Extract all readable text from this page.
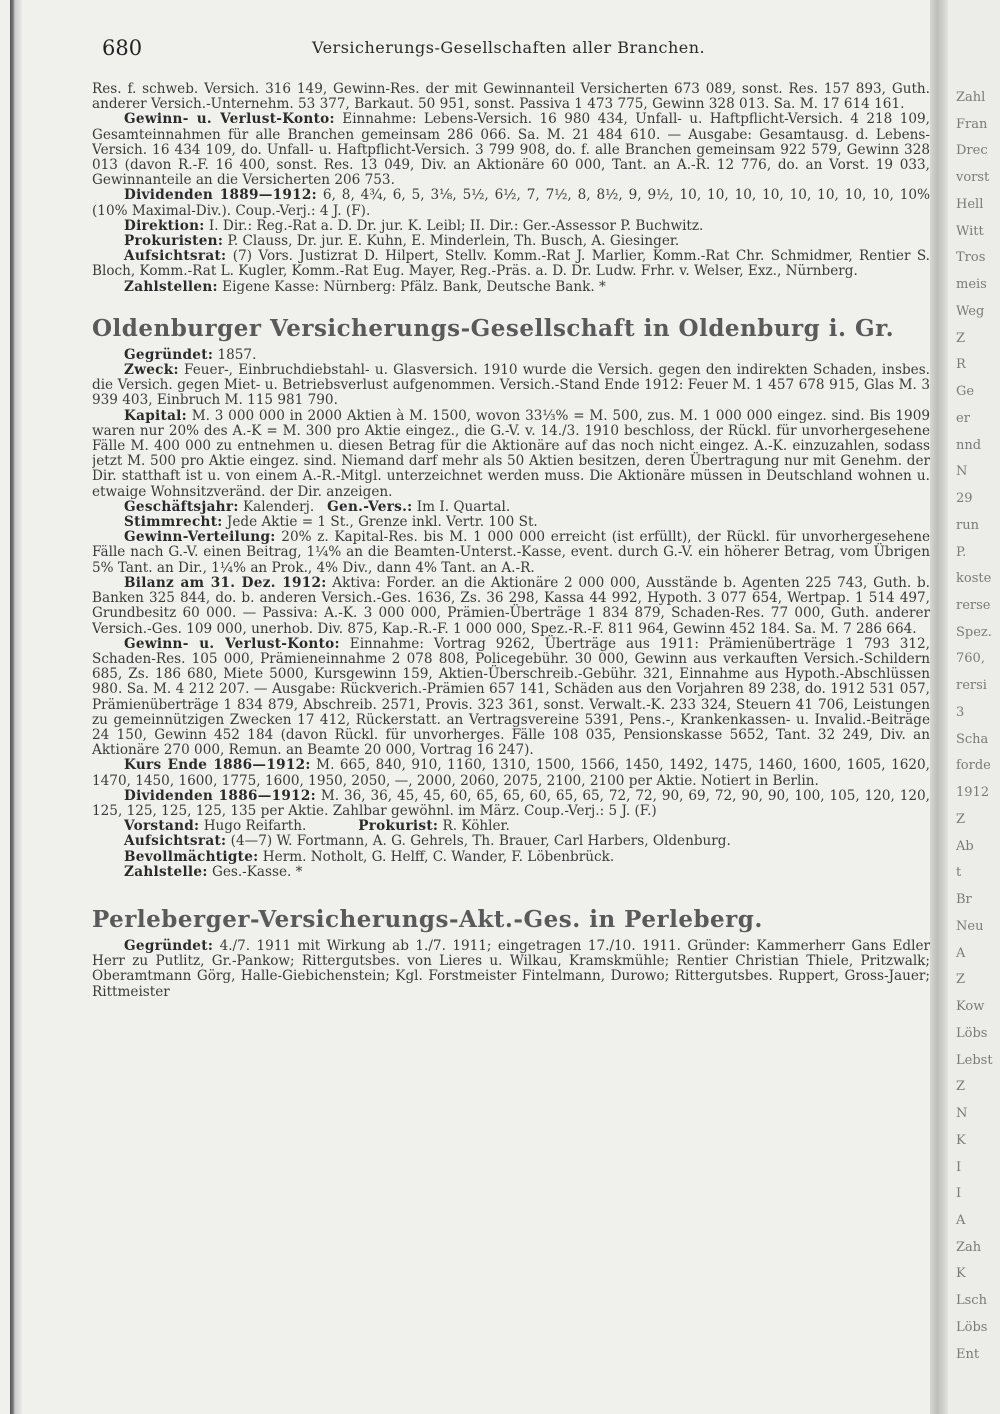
680	Versicherungs-Gesellschaften aller Branchen.

Res. f. schweb. Versich. 316 149, Gewinn-Res. der mit Gewinnanteil Versicherten 673 089, sonst. Res. 157 893, Guth. anderer Versich.-Unternehm. 53 377, Barkaut. 50 951, sonst. Passiva 1 473 775, Gewinn 328 013. Sa. M. 17 614 161.

Gewinn- u. Verlust-Konto: Einnahme: Lebens-Versich. 16 980 434, Unfall- u. Haftpflicht-Versich. 4 218 109, Gesamteinnahmen für alle Branchen gemeinsam 286 066. Sa. M. 21 484 610. — Ausgabe: Gesamtausg. d. Lebens-Versich. 16 434 109, do. Unfall- u. Haftpflicht-Versich. 3 799 908, do. f. alle Branchen gemeinsam 922 579, Gewinn 328 013 (davon R.-F. 16 400, sonst. Res. 13 049, Div. an Aktionäre 60 000, Tant. an A.-R. 12 776, do. an Vorst. 19 033, Gewinnanteile an die Versicherten 206 753.

Dividenden 1889—1912: 6, 8, 4¾, 6, 5, 3⅛, 5½, 6½, 7, 7½, 8, 8½, 9, 9½, 10, 10, 10, 10, 10, 10, 10, 10, 10% (10% Maximal-Div.). Coup.-Verj.: 4 J. (F).

Direktion: I. Dir.: Reg.-Rat a. D. Dr. jur. K. Leibl; II. Dir.: Ger.-Assessor P. Buchwitz.

Prokuristen: P. Clauss, Dr. jur. E. Kuhn, E. Minderlein, Th. Busch, A. Giesinger.

Aufsichtsrat: (7) Vors. Justizrat D. Hilpert, Stellv. Komm.-Rat J. Marlier, Komm.-Rat Chr. Schmidmer, Rentier S. Bloch, Komm.-Rat L. Kugler, Komm.-Rat Eug. Mayer, Reg.-Präs. a. D. Dr. Ludw. Frhr. v. Welser, Exz., Nürnberg.

Zahlstellen: Eigene Kasse: Nürnberg: Pfälz. Bank, Deutsche Bank. *

Oldenburger Versicherungs-Gesellschaft in Oldenburg i. Gr.

Gegründet: 1857.

Zweck: Feuer-, Einbruchdiebstahl- u. Glasversich. 1910 wurde die Versich. gegen den indirekten Schaden, insbes. die Versich. gegen Miet- u. Betriebsverlust aufgenommen. Versich.-Stand Ende 1912: Feuer M. 1 457 678 915, Glas M. 3 939 403, Einbruch M. 115 981 790.

Kapital: M. 3 000 000 in 2000 Aktien à M. 1500, wovon 33⅓% = M. 500, zus. M. 1 000 000 eingez. sind. Bis 1909 waren nur 20% des A.-K = M. 300 pro Aktie eingez., die G.-V. v. 14./3. 1910 beschloss, der Rückl. für unvorhergesehene Fälle M. 400 000 zu entnehmen u. diesen Betrag für die Aktionäre auf das noch nicht eingez. A.-K. einzuzahlen, sodass jetzt M. 500 pro Aktie eingez. sind. Niemand darf mehr als 50 Aktien besitzen, deren Übertragung nur mit Genehm. der Dir. statthaft ist u. von einem A.-R.-Mitgl. unterzeichnet werden muss. Die Aktionäre müssen in Deutschland wohnen u. etwaige Wohnsitzveränd. der Dir. anzeigen.

Geschäftsjahr: Kalenderj. Gen.-Vers.: Im I. Quartal.

Stimmrecht: Jede Aktie = 1 St., Grenze inkl. Vertr. 100 St.

Gewinn-Verteilung: 20% z. Kapital-Res. bis M. 1 000 000 erreicht (ist erfüllt), der Rückl. für unvorhergesehene Fälle nach G.-V. einen Beitrag, 1¼% an die Beamten-Unterst.-Kasse, event. durch G.-V. ein höherer Betrag, vom Übrigen 5% Tant. an Dir., 1¼% an Prok., 4% Div., dann 4% Tant. an A.-R.

Bilanz am 31. Dez. 1912: Aktiva: Forder. an die Aktionäre 2 000 000, Ausstände b. Agenten 225 743, Guth. b. Banken 325 844, do. b. anderen Versich.-Ges. 1636, Zs. 36 298, Kassa 44 992, Hypoth. 3 077 654, Wertpap. 1 514 497, Grundbesitz 60 000. — Passiva: A.-K. 3 000 000, Prämien-Überträge 1 834 879, Schaden-Res. 77 000, Guth. anderer Versich.-Ges. 109 000, unerhob. Div. 875, Kap.-R.-F. 1 000 000, Spez.-R.-F. 811 964, Gewinn 452 184. Sa. M. 7 286 664.

Gewinn- u. Verlust-Konto: Einnahme: Vortrag 9262, Überträge aus 1911: Prämienüberträge 1 793 312, Schaden-Res. 105 000, Prämieneinnahme 2 078 808, Policegebühr. 30 000, Gewinn aus verkauften Versich.-Schildern 685, Zs. 186 680, Miete 5000, Kursgewinn 159, Aktien-Überschreib.-Gebühr. 321, Einnahme aus Hypoth.-Abschlüssen 980. Sa. M. 4 212 207. — Ausgabe: Rückverich.-Prämien 657 141, Schäden aus den Vorjahren 89 238, do. 1912 531 057, Prämienüberträge 1 834 879, Abschreib. 2571, Provis. 323 361, sonst. Verwalt.-K. 233 324, Steuern 41 706, Leistungen zu gemeinnützigen Zwecken 17 412, Rückerstatt. an Vertragsvereine 5391, Pens.-, Krankenkassen- u. Invalid.-Beiträge 24 150, Gewinn 452 184 (davon Rückl. für unvorherges. Fälle 108 035, Pensionskasse 5652, Tant. 32 249, Div. an Aktionäre 270 000, Remun. an Beamte 20 000, Vortrag 16 247).

Kurs Ende 1886—1912: M. 665, 840, 910, 1160, 1310, 1500, 1566, 1450, 1492, 1475, 1460, 1600, 1605, 1620, 1470, 1450, 1600, 1775, 1600, 1950, 2050, —, 2000, 2060, 2075, 2100, 2100 per Aktie. Notiert in Berlin.

Dividenden 1886—1912: M. 36, 36, 45, 45, 60, 65, 65, 60, 65, 65, 72, 72, 90, 69, 72, 90, 90, 100, 105, 120, 120, 125, 125, 125, 125, 135 per Aktie. Zahlbar gewöhnl. im März. Coup.-Verj.: 5 J. (F.)

Vorstand: Hugo Reifarth.	Prokurist: R. Köhler.

Aufsichtsrat: (4—7) W. Fortmann, A. G. Gehrels, Th. Brauer, Carl Harbers, Oldenburg.

Bevollmächtigte: Herm. Notholt, G. Helff, C. Wander, F. Löbenbrück.

Zahlstelle: Ges.-Kasse. *

Perleberger-Versicherungs-Akt.-Ges. in Perleberg.

Gegründet: 4./7. 1911 mit Wirkung ab 1./7. 1911; eingetragen 17./10. 1911. Gründer: Kammerherr Gans Edler Herr zu Putlitz, Gr.-Pankow; Rittergutsbes. von Lieres u. Wilkau, Kramskmühle; Rentier Christian Thiele, Pritzwalk; Oberamtmann Görg, Halle-Giebichenstein; Kgl. Forstmeister Fintelmann, Durowo; Rittergutsbes. Ruppert, Gross-Jauer; Rittmeister

Zahl
Fran
Drec
vorst
Hell
Witt
Tros
meis
Weg
Z
R
Ge
er
nnd
N
29
run
P.
koste
rerse
Spez.
760,
rersi
3
Scha
forde
1912
Z
Ab
t
Br
Neu
A
Z
Kow
Löbs
Lebst
Z
N
K
I
I
A
Zah
K
Lsch
Löbs
Ent
